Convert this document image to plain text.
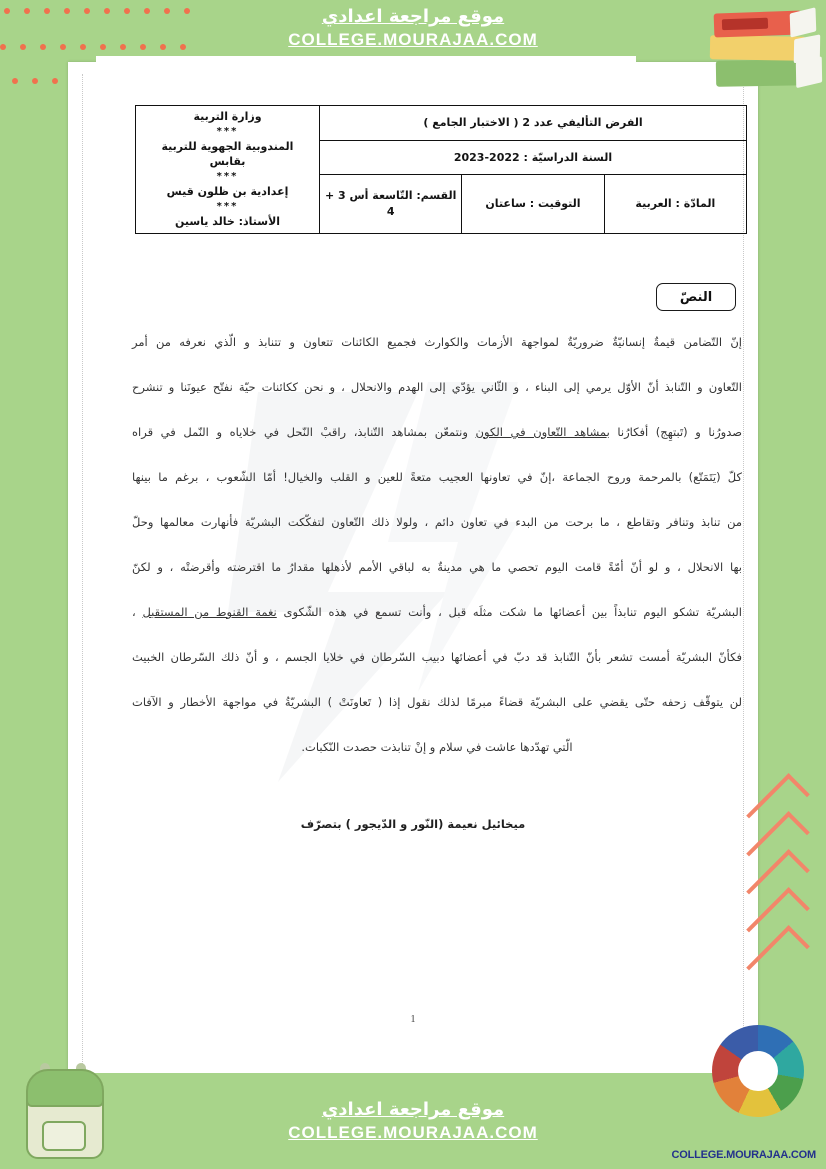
الفرض التأليفي عدد 2 ( الاختبار الجامع )	
وزارة التربية
***
المندوبية الجهوية للتربية
بقابس
***
إعدادية بن ظلون قيس
***
الأستاذ: خالد ياسين

السنة الدراسيّة : 2022-2023			
المادّة : العربية	التوقيت : ساعتان	القسم: التّاسعة أس 3 + 4	
النصّ
إنّ التّضامن قيمةٌ إنسانيّةٌ ضروريّةٌ لمواجهة الأزمات والكوارث فجميع الكائنات تتعاون و تتنابذ و الّذي نعرفه من أمر
التّعاون و التّنابذ أنّ الأوّل يرمي إلى البناء ، و الثّاني يؤدّي إلى الهدم والانحلال ، و نحن ككائنات حيّة نفتّح عيونَنا و تنشرح
صدورُنا و (تَبتهِج) أفكارُنا بمشاهد التّعاون في الكون ونتمعّن بمشاهد التّنابذ، راقبْ النّحل في خلاياه و النّمل في قراه
كلّ (يَتَمَتّع) بالمرحمة وروح الجماعة ،إنّ في تعاونها العجيب متعةً للعين و القلب والخيال! أمّا الشّعوب ، برغم ما بينها
من تنابذ وتنافر وتقاطع ، ما برحت من البدء في تعاون دائم ، ولولا ذلك التّعاون لتفكّكت البشريّة فأنهارت معالمها وحلّ
بها الانحلال ، و لو أنّ أمّةً قامت اليوم تحصي ما هي مدينةٌ به لباقي الأمم لأذهلها مقدارُ ما اقترضته وأقرضتْه ، و لكنّ
البشريّة تشكو اليوم تنابذاً بين أعضائها ما شكت مثلَه قبل ، وأنت تسمع في هذه الشّكوى نغمة القنوط من المستقبل ،
فكأنّ البشريّة أمست تشعر بأنّ التّنابذ قد دبّ في أعضائها دبيب السّرطان في خلايا الجسم ، و أنّ ذلك السّرطان الخبيث
لن يتوقّف زحفه حتّى يقضي على البشريّة قضاءً مبرمًا لذلك نقول إذا ( تَعاونَتْ ) البشريّةُ في مواجهة الأخطار و الآفات
الّتي تهدّدها عاشت في سلام و إنْ تنابذت حصدت النّكبات.
ميخائيل نعيمة (النّور و الدّيجور ) بتصرّف
1
موقع مراجعة اعدادي
COLLEGE.MOURAJAA.COM
موقع مراجعة اعدادي
COLLEGE.MOURAJAA.COM
COLLEGE.MOURAJAA.COM
